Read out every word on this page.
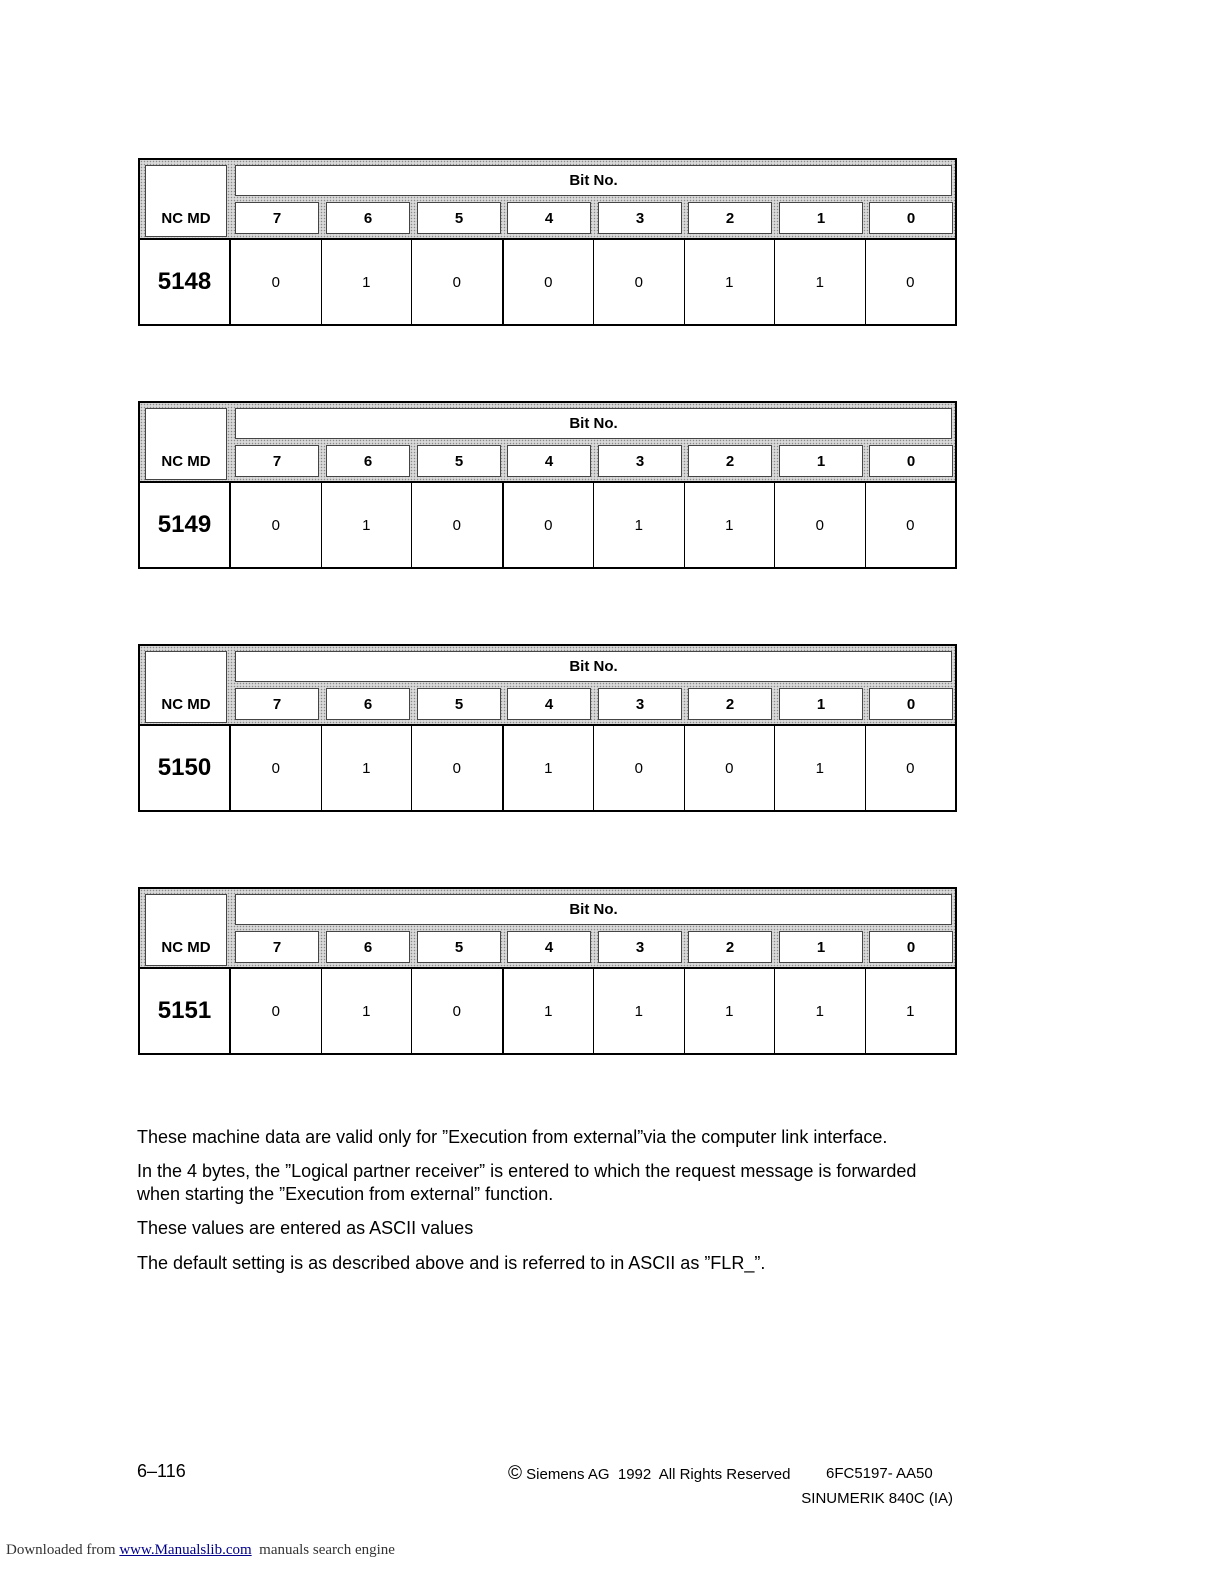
NC MD
Bit No.
7	6	5	4	3	2	1	0
5148	0	1	0	0	0	1	1	0
NC MD
Bit No.
7	6	5	4	3	2	1	0
5149	0	1	0	0	1	1	0	0
NC MD
Bit No.
7	6	5	4	3	2	1	0
5150	0	1	0	1	0	0	1	0
NC MD
Bit No.
7	6	5	4	3	2	1	0
5151	0	1	0	1	1	1	1	1

These machine data are valid only for ”Execution from external”via the computer link interface.

In the 4 bytes, the ”Logical partner receiver” is entered to which the request message is forwarded when starting the ”Execution from external” function.

These values are entered as ASCII values

The default setting is as described above and is referred to in ASCII as ”FLR_”.

6–116	© Siemens AG  1992  All Rights Reserved 6FC5197- AA50
SINUMERIK 840C (IA)
Downloaded from www.Manualslib.com  manuals search engine
